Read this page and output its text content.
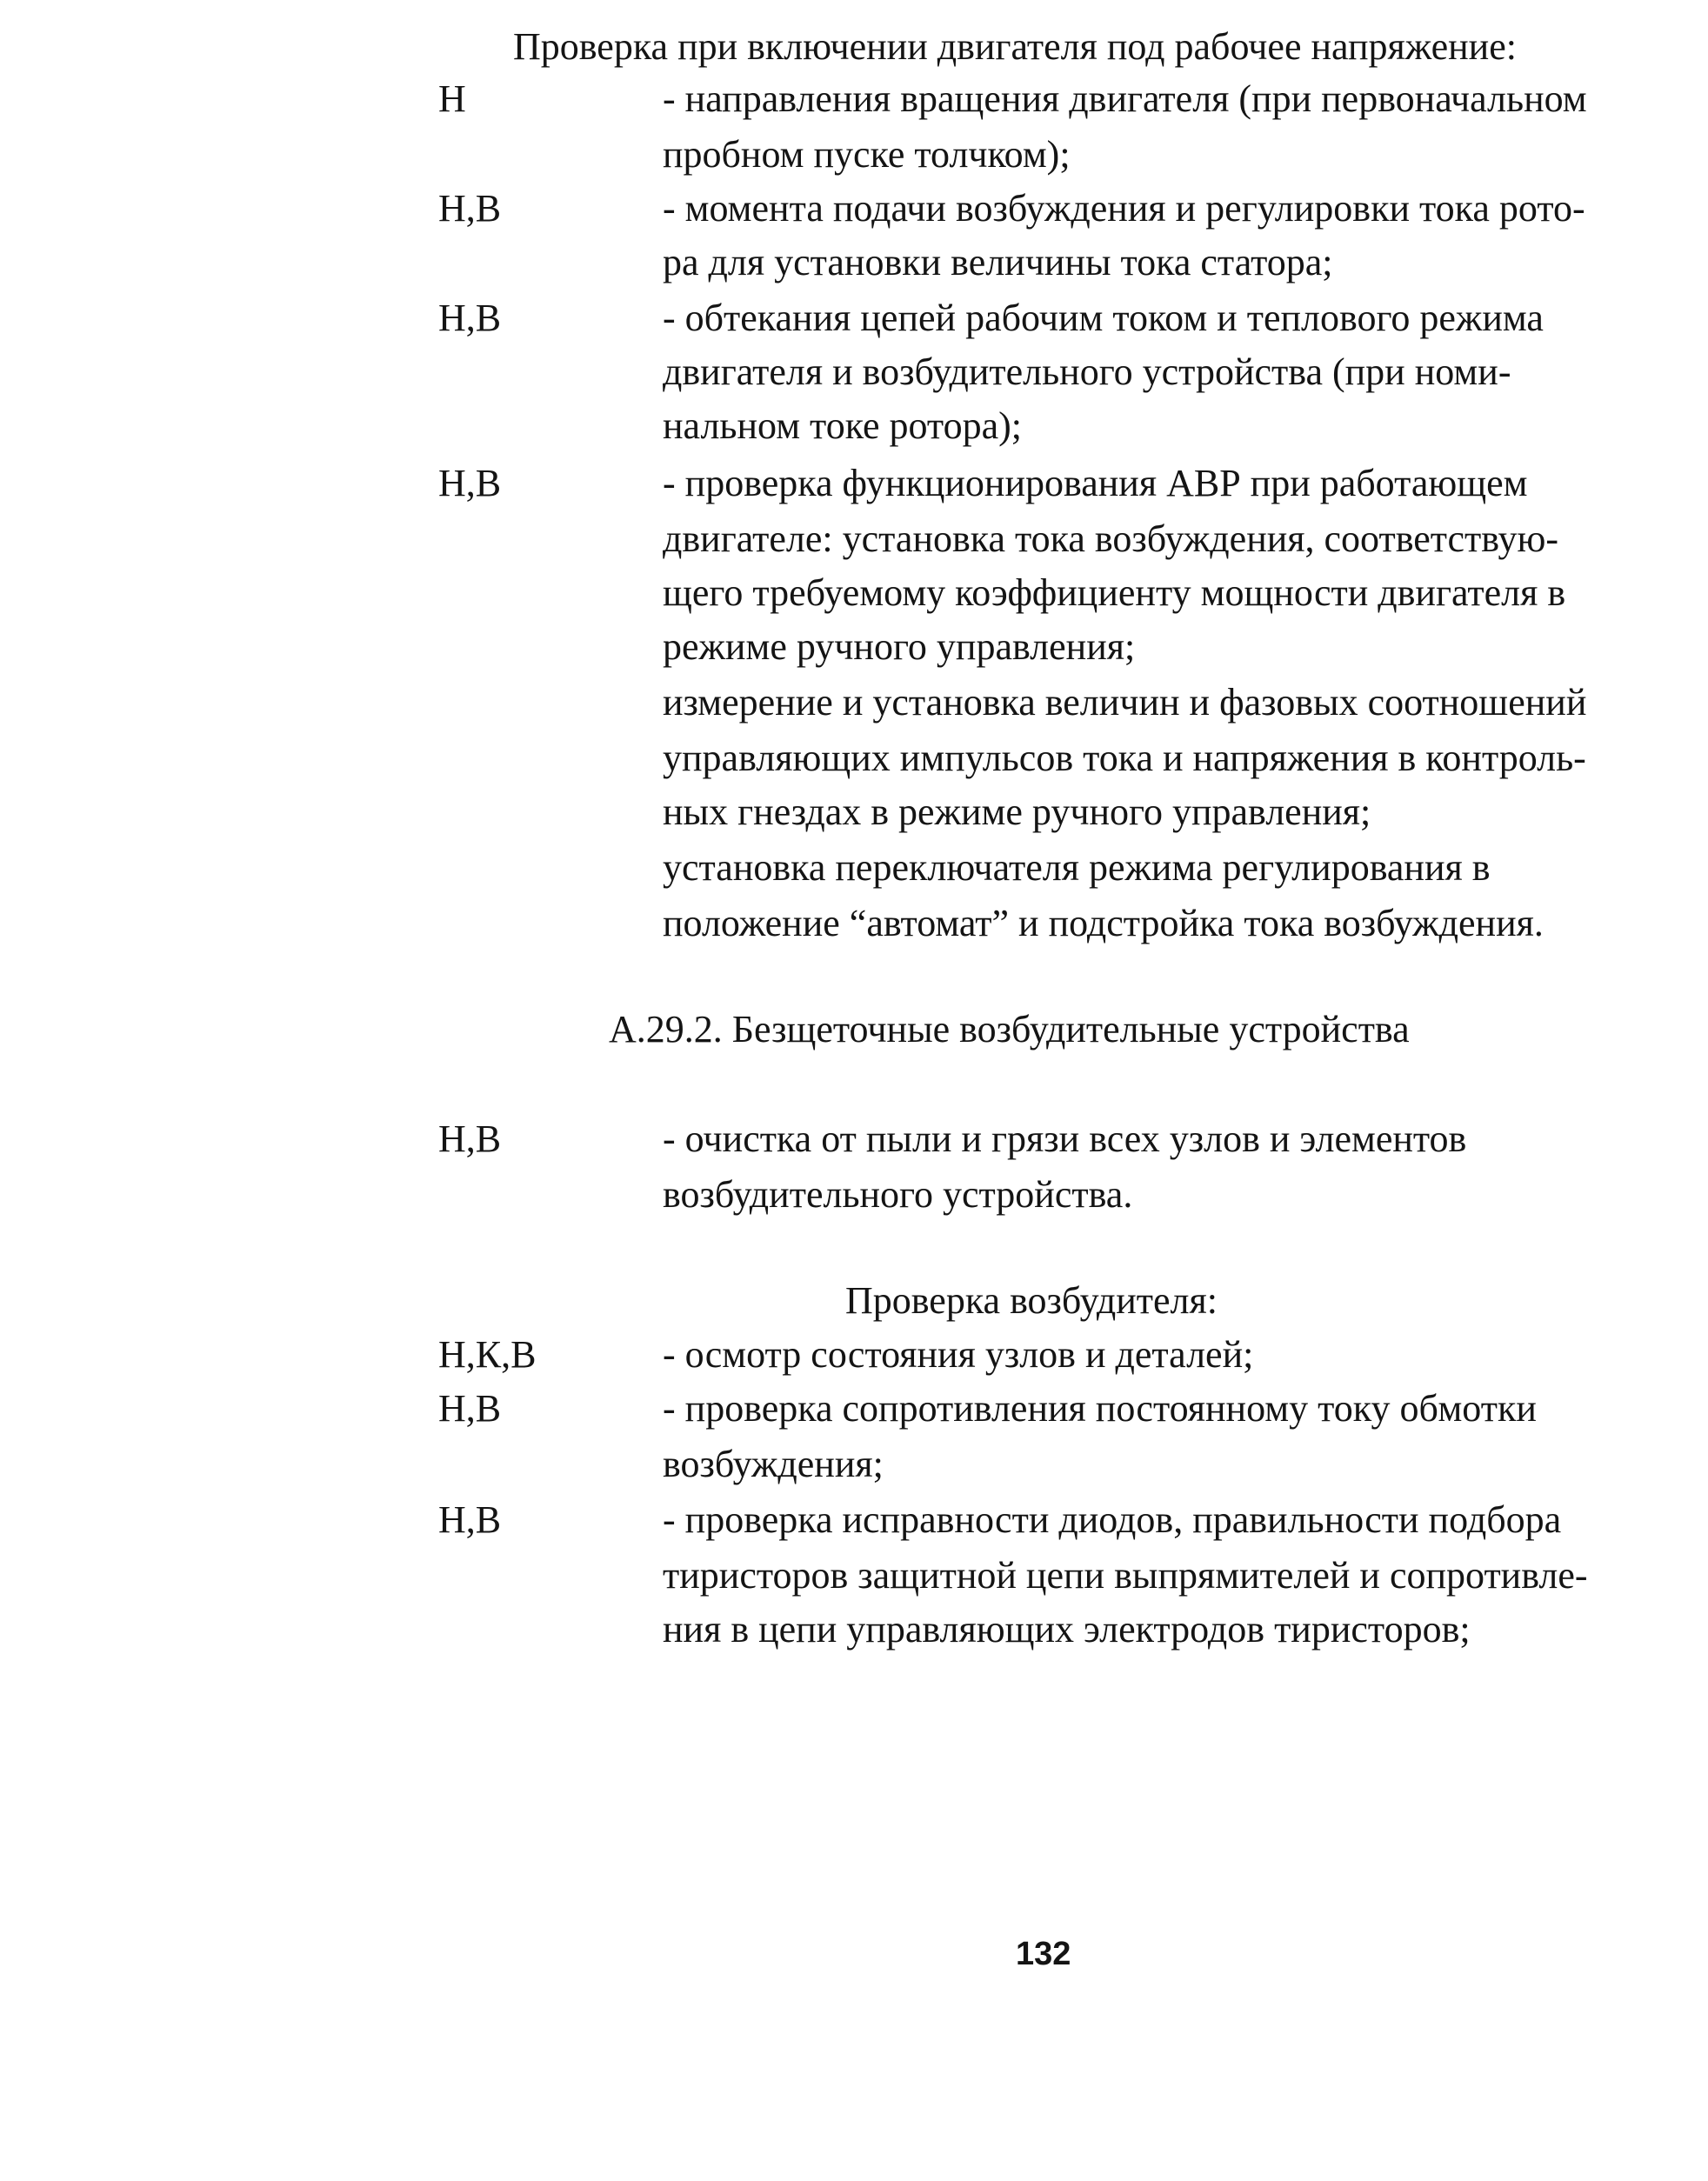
Проверка при включении двигателя под рабочее напряжение:
Н	- направления вращения двигателя (при первоначальном
пробном пуске толчком);
Н,В	- момента подачи возбуждения и регулировки тока рото-
ра для установки величины тока статора;
Н,В	- обтекания цепей рабочим током и теплового режима
двигателя и возбудительного устройства (при номи-
нальном токе ротора);
Н,В	- проверка функционирования АВР при работающем
двигателе: установка тока возбуждения, соответствую-
щего требуемому коэффициенту мощности двигателя в
режиме ручного управления;
измерение и установка величин и фазовых соотношений
управляющих импульсов тока и напряжения в контроль-
ных гнездах в режиме ручного управления;
установка переключателя режима регулирования в
положение “автомат” и подстройка тока возбуждения.
А.29.2. Безщеточные возбудительные устройства
Н,В	- очистка от пыли и грязи всех узлов и элементов
возбудительного устройства.
Проверка возбудителя:
Н,К,В	- осмотр состояния узлов и деталей;
Н,В	- проверка сопротивления постоянному току обмотки
возбуждения;
Н,В	- проверка исправности диодов, правильности подбора
тиристоров защитной цепи выпрямителей и сопротивле-
ния в цепи управляющих электродов тиристоров;
132
